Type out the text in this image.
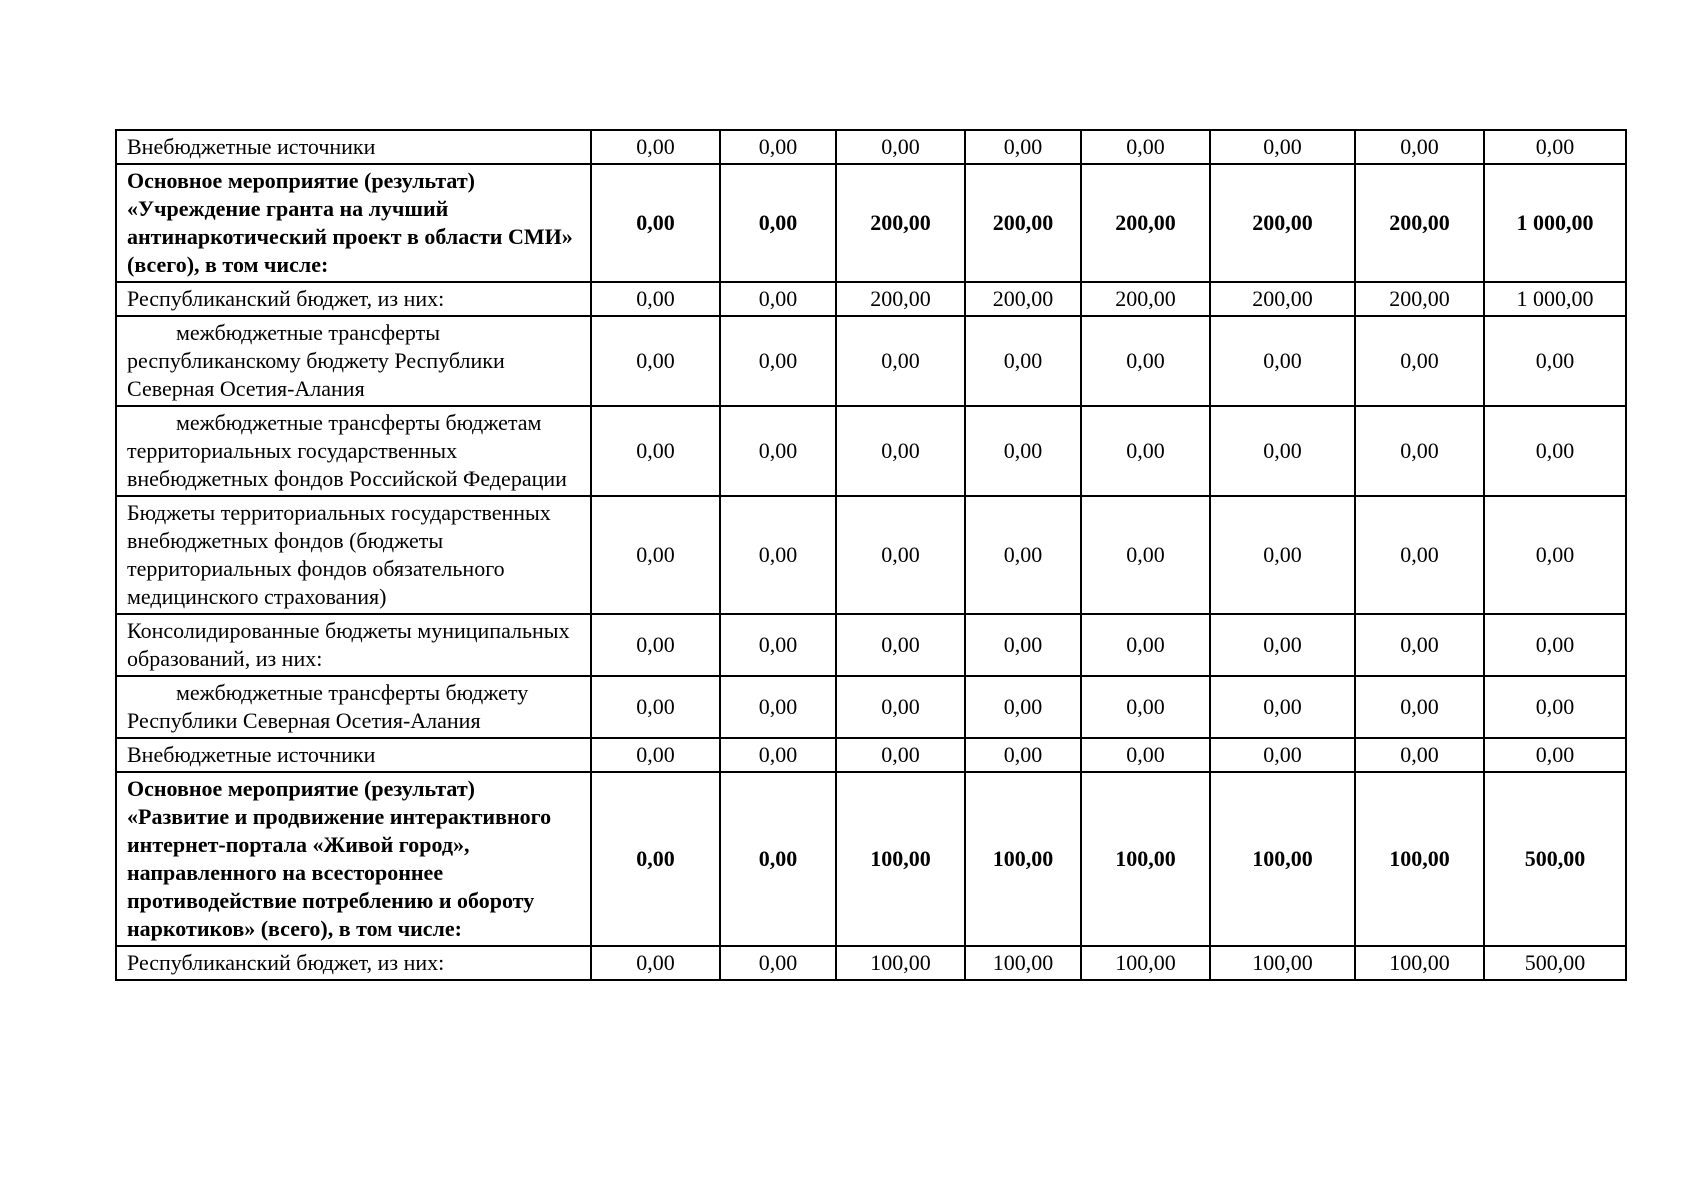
Внебюджетные источники	0,00	0,00	0,00	0,00	0,00	0,00	0,00	0,00
Основное мероприятие (результат) «Учреждение гранта на лучший антинаркотический проект в области СМИ» (всего), в том числе:	0,00	0,00	200,00	200,00	200,00	200,00	200,00	1 000,00
Республиканский бюджет, из них:	0,00	0,00	200,00	200,00	200,00	200,00	200,00	1 000,00
межбюджетные трансферты республиканскому бюджету Республики Северная Осетия-Алания	0,00	0,00	0,00	0,00	0,00	0,00	0,00	0,00
межбюджетные трансферты бюджетам территориальных государственных внебюджетных фондов Российской Федерации	0,00	0,00	0,00	0,00	0,00	0,00	0,00	0,00
Бюджеты территориальных государственных внебюджетных фондов (бюджеты территориальных фондов обязательного медицинского страхования)	0,00	0,00	0,00	0,00	0,00	0,00	0,00	0,00
Консолидированные бюджеты муниципальных образований, из них:	0,00	0,00	0,00	0,00	0,00	0,00	0,00	0,00
межбюджетные трансферты бюджету Республики Северная Осетия-Алания	0,00	0,00	0,00	0,00	0,00	0,00	0,00	0,00
Внебюджетные источники	0,00	0,00	0,00	0,00	0,00	0,00	0,00	0,00
Основное мероприятие (результат) «Развитие и продвижение интерактивного интернет-портала «Живой город», направленного на всестороннее противодействие потреблению и обороту наркотиков» (всего), в том числе:	0,00	0,00	100,00	100,00	100,00	100,00	100,00	500,00
Республиканский бюджет, из них:	0,00	0,00	100,00	100,00	100,00	100,00	100,00	500,00
